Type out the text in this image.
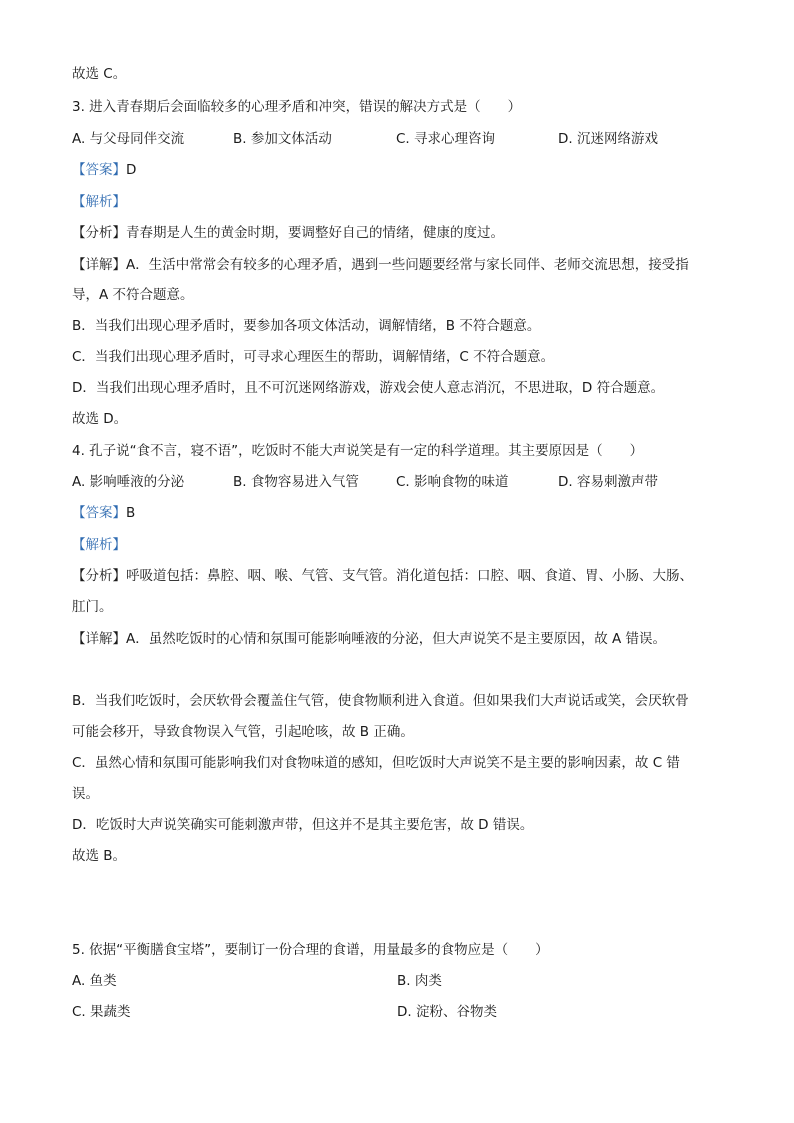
故选 C。
3. 进入青春期后会面临较多的心理矛盾和冲突，错误的解决方式是（　　）
A. 与父母同伴交流	B. 参加文体活动	C. 寻求心理咨询	D. 沉迷网络游戏
【答案】D
【解析】
【分析】青春期是人生的黄金时期，要调整好自己的情绪，健康的度过。
【详解】A．生活中常常会有较多的心理矛盾，遇到一些问题要经常与家长同伴、老师交流思想，接受指
导，A 不符合题意。
B．当我们出现心理矛盾时，要参加各项文体活动，调解情绪，B 不符合题意。
C．当我们出现心理矛盾时，可寻求心理医生的帮助，调解情绪，C 不符合题意。
D．当我们出现心理矛盾时，且不可沉迷网络游戏，游戏会使人意志消沉，不思进取，D 符合题意。
故选 D。
4. 孔子说“食不言，寝不语”，吃饭时不能大声说笑是有一定的科学道理。其主要原因是（　　）
A. 影响唾液的分泌	B. 食物容易进入气管	C. 影响食物的味道	D. 容易刺激声带
【答案】B
【解析】
【分析】呼吸道包括：鼻腔、咽、喉、气管、支气管。消化道包括：口腔、咽、食道、胃、小肠、大肠、
肛门。
【详解】A．虽然吃饭时的心情和氛围可能影响唾液的分泌，但大声说笑不是主要原因，故 A 错误。
B．当我们吃饭时，会厌软骨会覆盖住气管，使食物顺利进入食道。但如果我们大声说话或笑，会厌软骨
可能会移开，导致食物误入气管，引起呛咳，故 B 正确。
C．虽然心情和氛围可能影响我们对食物味道的感知，但吃饭时大声说笑不是主要的影响因素，故 C 错
误。
D．吃饭时大声说笑确实可能刺激声带，但这并不是其主要危害，故 D 错误。
故选 B。
5. 依据“平衡膳食宝塔”，要制订一份合理的食谱，用量最多的食物应是（　　）
A. 鱼类	B. 肉类
C. 果蔬类	D. 淀粉、谷物类
